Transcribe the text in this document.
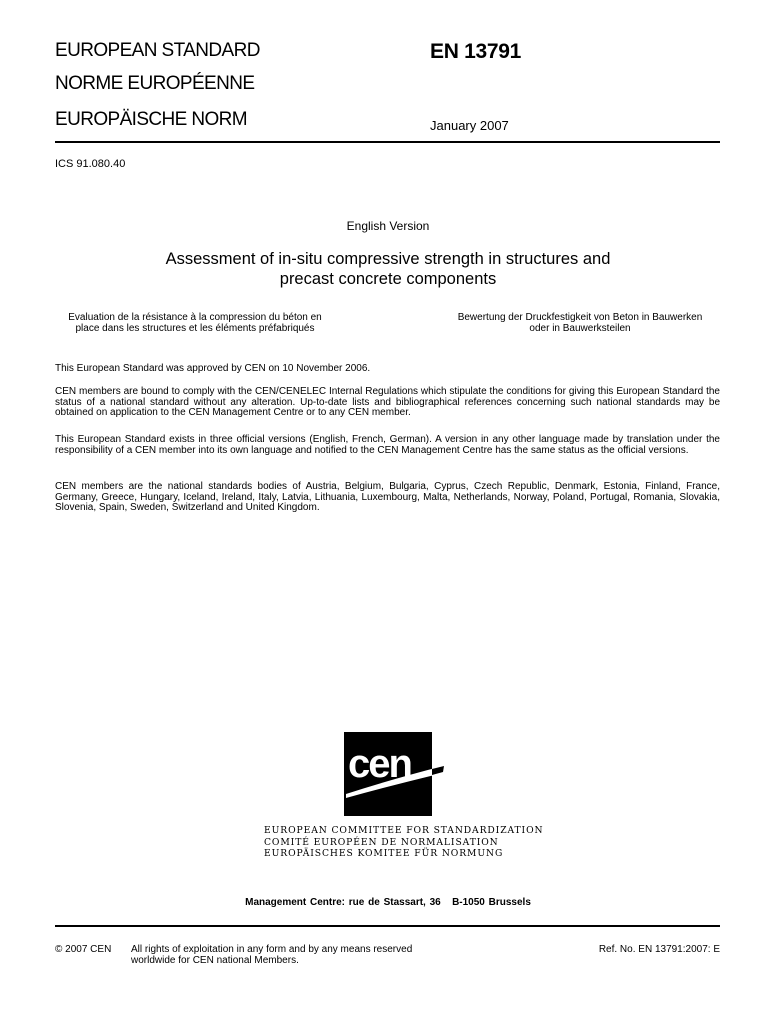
EUROPEAN STANDARD
NORME EUROPÉENNE
EUROPÄISCHE NORM
EN 13791
January 2007
ICS 91.080.40
English Version
Assessment of in-situ compressive strength in structures and
precast concrete components
Evaluation de la résistance à la compression du béton en
place dans les structures et les éléments préfabriqués
Bewertung der Druckfestigkeit von Beton in Bauwerken
oder in Bauwerksteilen
This European Standard was approved by CEN on 10 November 2006.
CEN members are bound to comply with the CEN/CENELEC Internal Regulations which stipulate the conditions for giving this European Standard the status of a national standard without any alteration. Up-to-date lists and bibliographical references concerning such national standards may be obtained on application to the CEN Management Centre or to any CEN member.
This European Standard exists in three official versions (English, French, German). A version in any other language made by translation under the responsibility of a CEN member into its own language and notified to the CEN Management Centre has the same status as the official versions.
CEN members are the national standards bodies of Austria, Belgium, Bulgaria, Cyprus, Czech Republic, Denmark, Estonia, Finland, France, Germany, Greece, Hungary, Iceland, Ireland, Italy, Latvia, Lithuania, Luxembourg, Malta, Netherlands, Norway, Poland, Portugal, Romania, Slovakia, Slovenia, Spain, Sweden, Switzerland and United Kingdom.
cen
EUROPEAN COMMITTEE FOR STANDARDIZATION
COMITÉ EUROPÉEN DE NORMALISATION
EUROPÄISCHES KOMITEE FÜR NORMUNG
Management Centre: rue de Stassart, 36   B-1050 Brussels
© 2007 CEN All rights of exploitation in any form and by any means reserved
worldwide for CEN national Members.
Ref. No. EN 13791:2007: E
